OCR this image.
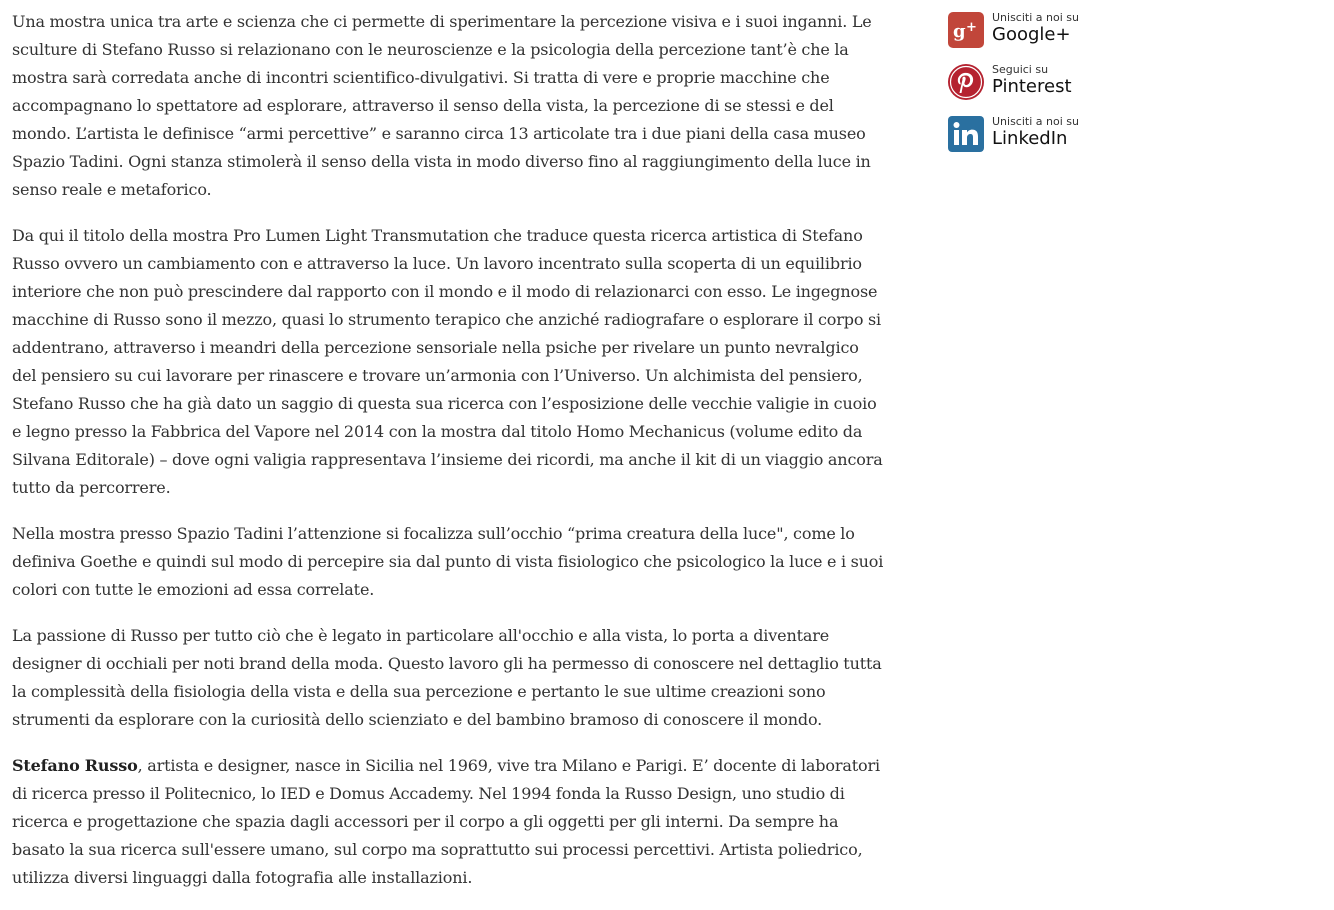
Una mostra unica tra arte e scienza che ci permette di sperimentare la percezione visiva e i suoi inganni. Le sculture di Stefano Russo si relazionano con le neuroscienze e la psicologia della percezione tant’è che la mostra sarà corredata anche di incontri scientifico-divulgativi. Si tratta di vere e proprie macchine che accompagnano lo spettatore ad esplorare, attraverso il senso della vista, la percezione di se stessi e del mondo. L’artista le definisce “armi percettive” e saranno circa 13 articolate tra i due piani della casa museo Spazio Tadini. Ogni stanza stimolerà il senso della vista in modo diverso fino al raggiungimento della luce in senso reale e metaforico.

Da qui il titolo della mostra Pro Lumen Light Transmutation che traduce questa ricerca artistica di Stefano Russo ovvero un cambiamento con e attraverso la luce. Un lavoro incentrato sulla scoperta di un equilibrio interiore che non può prescindere dal rapporto con il mondo e il modo di relazionarci con esso. Le ingegnose macchine di Russo sono il mezzo, quasi lo strumento terapico che anziché radiografare o esplorare il corpo si addentrano, attraverso i meandri della percezione sensoriale nella psiche per rivelare un punto nevralgico del pensiero su cui lavorare per rinascere e trovare un’armonia con l’Universo. Un alchimista del pensiero, Stefano Russo che ha già dato un saggio di questa sua ricerca con l’esposizione delle vecchie valigie in cuoio e legno presso la Fabbrica del Vapore nel 2014 con la mostra dal titolo Homo Mechanicus (volume edito da Silvana Editorale) – dove ogni valigia rappresentava l’insieme dei ricordi, ma anche il kit di un viaggio ancora tutto da percorrere.

Nella mostra presso Spazio Tadini l’attenzione si focalizza sull’occhio “prima creatura della luce", come lo definiva Goethe e quindi sul modo di percepire sia dal punto di vista fisiologico che psicologico la luce e i suoi colori con tutte le emozioni ad essa correlate.

La passione di Russo per tutto ciò che è legato in particolare all'occhio e alla vista, lo porta a diventare designer di occhiali per noti brand della moda. Questo lavoro gli ha permesso di conoscere nel dettaglio tutta la complessità della fisiologia della vista e della sua percezione e pertanto le sue ultime creazioni sono strumenti da esplorare con la curiosità dello scienziato e del bambino bramoso di conoscere il mondo.

Stefano Russo, artista e designer, nasce in Sicilia nel 1969, vive tra Milano e Parigi. E’ docente di laboratori di ricerca presso il Politecnico, lo IED e Domus Accademy. Nel 1994 fonda la Russo Design, uno studio di ricerca e progettazione che spazia dagli accessori per il corpo a gli oggetti per gli interni. Da sempre ha basato la sua ricerca sull'essere umano, sul corpo ma soprattutto sui processi percettivi. Artista poliedrico, utilizza diversi linguaggi dalla fotografia alle installazioni.

g +
Unisciti a noi su
Google+
Seguici su
Pinterest
Unisciti a noi su
LinkedIn
